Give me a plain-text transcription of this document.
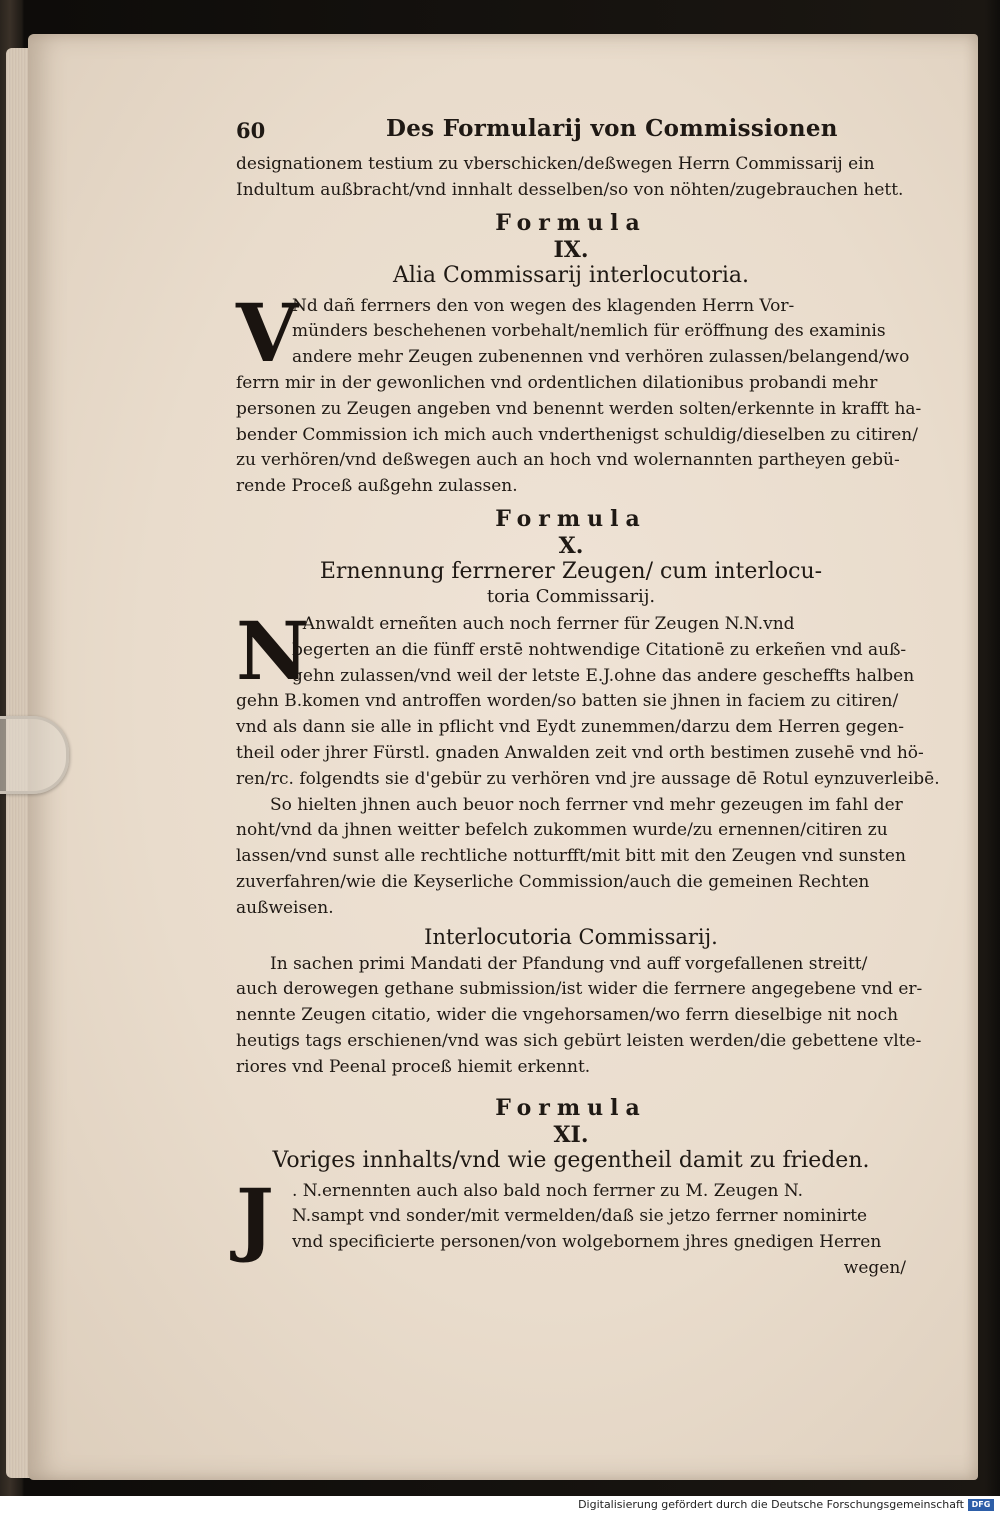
60	Des Formularij von Commissionen
designationem testium zu vberschicken/deßwegen Herrn Commissarij ein
Indultum außbracht/vnd innhalt desselben/so von nöhten/zugebrauchen hett.
Formula
IX.
Alia Commissarij interlocutoria.
V
Nd dañ ferrners den von wegen des klagenden Herrn Vor-
münders beschehenen vorbehalt/nemlich für eröffnung des examinis
andere mehr Zeugen zubenennen vnd verhören zulassen/belangend/wo
ferrn mir in der gewonlichen vnd ordentlichen dilationibus probandi mehr
personen zu Zeugen angeben vnd benennt werden solten/erkennte in krafft ha-
bender Commission ich mich auch vnderthenigst schuldig/dieselben zu citiren/
zu verhören/vnd deßwegen auch an hoch vnd wolernannten partheyen gebü-
rende Proceß außgehn zulassen.
Formula
X.
Ernennung ferrnerer Zeugen/ cum interlocu-
toria Commissarij.
N
. Anwaldt erneñten auch noch ferrner für Zeugen N.N.vnd
begerten an die fünff erstē nohtwendige Citationē zu erkeñen vnd auß-
gehn zulassen/vnd weil der letste E.J.ohne das andere gescheffts halben
gehn B.komen vnd antroffen worden/so batten sie jhnen in faciem zu citiren/
vnd als dann sie alle in pflicht vnd Eydt zunemmen/darzu dem Herren gegen-
theil oder jhrer Fürstl. gnaden Anwalden zeit vnd orth bestimen zusehē vnd hö-
ren/rc. folgendts sie d'gebür zu verhören vnd jre aussage dē Rotul eynzuverleibē.
So hielten jhnen auch beuor noch ferrner vnd mehr gezeugen im fahl der
noht/vnd da jhnen weitter befelch zukommen wurde/zu ernennen/citiren zu
lassen/vnd sunst alle rechtliche notturfft/mit bitt mit den Zeugen vnd sunsten
zuverfahren/wie die Keyserliche Commission/auch die gemeinen Rechten
außweisen.
Interlocutoria Commissarij.
In sachen primi Mandati der Pfandung vnd auff vorgefallenen streitt/
auch derowegen gethane submission/ist wider die ferrnere angegebene vnd er-
nennte Zeugen citatio, wider die vngehorsamen/wo ferrn dieselbige nit noch
heutigs tags erschienen/vnd was sich gebürt leisten werden/die gebettene vlte-
riores vnd Peenal proceß hiemit erkennt.
Formula
XI.
Voriges innhalts/vnd wie gegentheil damit zu frieden.
J	. N.ernennten auch also bald noch ferrner zu M. Zeugen N.
N.sampt vnd sonder/mit vermelden/daß sie jetzo ferrner nominirte
vnd specificierte personen/von wolgebornem jhres gnedigen Herren
wegen/
Digitalisierung gefördert durch die Deutsche Forschungsgemeinschaft DFG
